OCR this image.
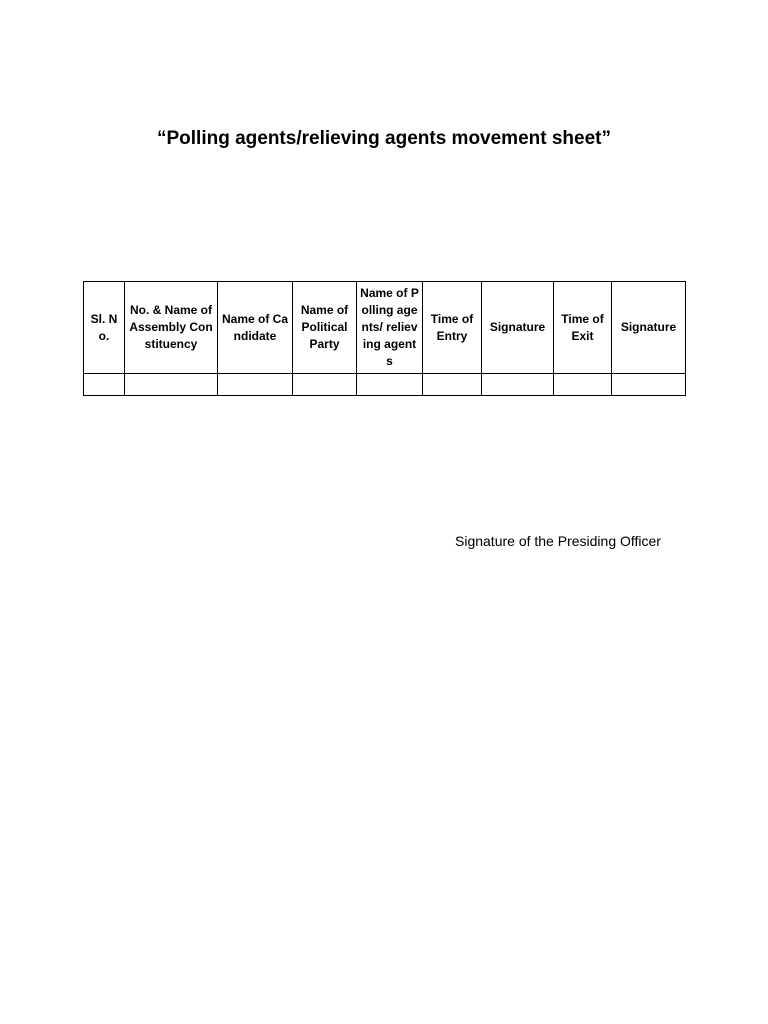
“Polling agents/relieving agents movement sheet”
Sl. No.	No. & Name of Assembly Constituency	Name of Candidate	Name of Political Party	Name of Polling agents/ relieving agents	Time of Entry	Signature	Time of Exit	Signature

Signature of the Presiding Officer
